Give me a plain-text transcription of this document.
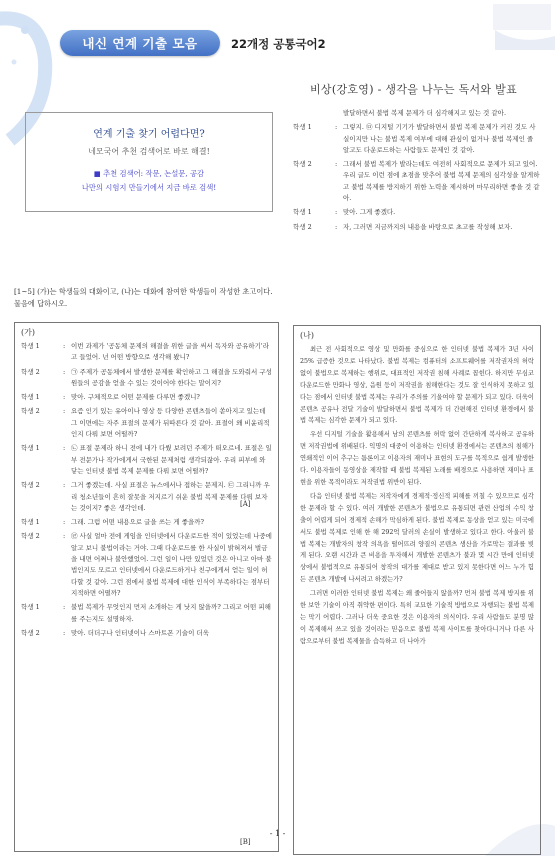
내신 연계 기출 모음	22개정 공통국어2
비상(강호영) - 생각을 나누는 독서와 발표
연계 기출 찾기 어렵다면?
네모국어 추천 검색어로 바로 해결!
■ 추천 검색어: 작문, 논설문, 공감
나만의 시험지 만들기에서 지금 바로 검색!
[1~5] (가)는 학생들의 대화이고, (나)는 대화에 참여한 학생들이 작성한 초고이다. 물음에 답하시오.
(가)
학생 1	: 이번 과제가 '공동체 문제의 해결을 위한 글을 써서 독자와 공유하기'라고 들었어. 넌 어떤 방향으로 생각해 봤니?
학생 2	: ㉠ 주제가 공동체에서 발생한 문제를 확인하고 그 해결을 도와줘서 구성원들의 공감을 얻을 수 있는 것이어야 한다는 말이지?
학생 1	: 맞아. 구체적으로 어떤 문제를 다루면 좋겠니?
학생 2	: 요즘 인기 있는 유아이나 영상 등 다양한 콘텐츠들이 쏟아지고 있는데 그 이면에는 자주 표절의 문제가 뒤따른다 것 같아. 표절이 왜 비윤리적인지 다뤄 보면 어떨까?
학생 1	: ㉡ 표절 문제라 하니 전에 내가 다뤘 보려던 주제가 떠오르네. 표절은 일부 전문가나 작가에게서 국한된 문제처럼 생각되잖아. 우리 피부에 와 닿는 인터넷 불법 복제 문제를 다뤄 보면 어떨까?
학생 2	: 그거 좋겠는데. 사실 표절은 뉴스에서나 접하는 문제지. ㉢ 그리니까 우리 청소년들이 흔히 잘못을 저지르기 쉬운 불법 복제 문제를 다뤄 보자는 것이지? 좋은 생각인데.
학생 1	: 그래. 그럼 어떤 내용으로 글을 쓰는 게 좋을까?
학생 2	: ㉣ 사실 얼마 전에 게임을 인터넷에서 다운로드한 적이 있었는데 나중에 알고 보니 불법이라는 거야. 그때 다운로드를 한 사실이 밝혀져서 벌금을 내면 어쩌나 불안했었어. 그런 일이 나만 있었던 것은 아니고 아마 불법인지도 모르고 인터넷에서 다운로드하거나 친구에게서 얻는 일이 허다할 것 같아. 그런 점에서 불법 복제에 대한 인식이 부족하다는 점부터 지적하면 어떨까?
학생 1	: 불법 복제가 무엇인지 먼저 소개하는 게 낫지 않을까? 그리고 어떤 피해를 주는지도 설명하자.
학생 2	: 맞아. 더더구나 인터넷이나 스마트폰 기술이 더욱
[A]
[B]
발달하면서 불법 복제 문제가 더 심각해지고 있는 것 같아.
학생 1	: 그렇지. ㉤ 디지털 기기가 발달하면서 불법 복제 문제가 커진 것도 사실이지만 나는 불법 복제 여부에 대해 관심이 없거나 불법 복제인 줄 알고도 다운로드하는 사람들도 문제인 것 같아.
학생 2	: 그래서 불법 복제가 발라는데도 여전히 사회적으로 문제가 되고 있어. 우리 글도 이런 점에 초점을 맞추어 불법 복제 문제의 심각성을 알게하고 불법 복제를 방지하기 위한 노력을 제시하며 마무리하면 좋을 것 같아.
학생 1	: 맞아. 그게 좋겠다.
학생 2	: 자, 그러면 지금까지의 내용을 바탕으로 초고를 작성해 보자.
(나)
최근 전 사회적으로 영상 및 만화를 중심으로 한 인터넷 불법 복제가 3년 사이 25% 급증한 것으로 나타났다. 불법 복제는 컴퓨터의 소프트웨어를 저작권자의 허락 없이 불법으로 복제하는 행위로, 대표적인 저작권 침해 사례로 꼽힌다. 하지만 무심코 다운로드한 만화나 영상, 음원 등이 저작권을 침해한다는 것도 잘 인식하지 못하고 있다는 점에서 인터넷 불법 복제는 우리가 주의를 기울여야 할 문제가 되고 있다. 더욱이 콘텐츠 공유나 전달 기술이 발달하면서 불법 복제가 더 간편해진 인터넷 환경에서 불법 복제는 심각한 문제가 되고 있다.
우선 디지털 기술을 활용해서 남의 콘텐츠를 허락 없이 간단하게 복사하고 공유하면 저작권법에 위배된다. 익명의 대중이 이용하는 인터넷 환경에서는 콘텐츠의 침해가 연쇄적인 이어 추구는 틈론이고 이용자의 재미나 표현의 도구를 목적으로 쉽게 발생한다. 이용자들이 동영상을 제작할 때 불법 복제된 노래를 배경으로 사용하면 재미나 표현을 위한 목적이라도 저작권법 위반이 된다.
다음 인터넷 불법 복제는 저작자에게 경제적·정신적 피해를 끼칠 수 있으므로 심각한 문제라 할 수 있다. 여러 개발한 콘텐츠가 불법으로 유통되면 관련 산업의 수익 창출이 어렵게 되어 경제적 손해가 막심하게 된다. 불법 복제로 동상을 얻고 있는 미국에서도 불법 복제로 인해 한 해 292억 달러의 손실이 발생하고 있다고 한다. 아울러 불법 복제는 개발자의 창작 의욕을 떨어뜨려 양질의 콘텐츠 생산을 가로막는 결과를 빚게 된다. 오랜 시간과 큰 비용을 투자해서 개발한 콘텐츠가 불과 몇 시간 만에 인터넷상에서 불법적으로 유통되어 창작의 대가를 제대로 받고 있지 못한다면 어느 누가 힘든 콘텐츠 개발에 나서려고 하겠는가?
그러면 이러한 인터넷 불법 복제는 왜 줄어들지 않을까? 먼저 불법 복제 방지를 위한 보안 기술이 아직 취약한 편이다. 특히 교묘한 기술적 방법으로 자행되는 불법 복제는 막기 어렵다. 그러나 더욱 중요한 것은 이용자의 의식이다. 우리 사람들도 분명 많이 복제해서 쓰고 있을 것이라는 믿음으로 불법 복제 사이트를 찾아다니거나 다른 사람으로부터 불법 복제물을 습득하고 더 나아가
- 1 -
